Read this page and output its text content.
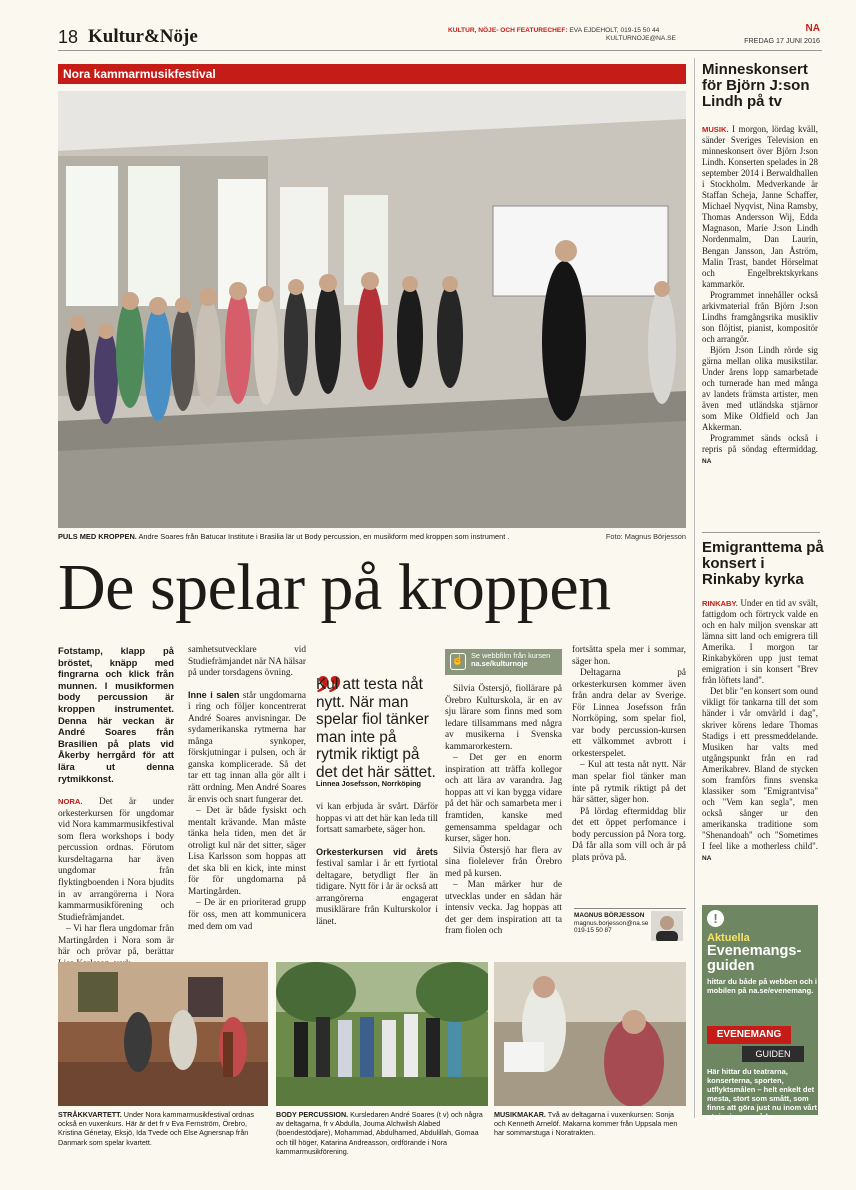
18 Kultur&Nöje	KULTUR, NÖJE- OCH FEATURECHEF: EVA EJDEHOLT, 019-15 50 44
KULTURNOJE@NA.SE
NA
FREDAG 17 JUNI 2016
Nora kammarmusikfestival
PULS MED KROPPEN. Andre Soares från Batucar Institute i Brasilia lär ut Body percussion, en musikform med kroppen som instrument .	Foto: Magnus Börjesson
De spelar på kroppen

Fotstamp, klapp på bröstet, knäpp med fingrarna och klick från munnen. I musikformen body percussion är kroppen instrumentet. Denna här veckan är André Soares från Brasilien på plats vid Åkerby herrgård för att lära ut denna rytmikkonst.

NORA. Det är under orkesterkursen för ungdomar vid Nora kammarmusikfestival som flera workshops i body percussion ordnas. Förutom kursdeltagarna har även ungdomar från flyktingboenden i Nora bjudits in av arrangörerna i Nora kammarmusikförening och Studiefrämjandet.

– Vi har flera ungdomar från Martingården i Nora som är här och prövar på, berättar

samhetsutvecklare vid Studiefrämjandet när NA hälsar på under torsdagens övning.

Inne i salen står ungdomarna i ring och följer koncentrerat André Soares anvisningar. De sydamerikanska rytmerna har många synkoper, förskjutningar i pulsen, och är ganska komplicerade. Så det tar ett tag innan alla gör allt i rätt ordning. Men André Soares är envis och snart fungerar det.

– Det är både fysiskt och mentalt krävande. Man måste tänka hela tiden, men det är otroligt kul när det sitter, säger Lisa Karlsson som hoppas att det ska bli en kick, inte minst för för ungdomarna på Martingården.

– De är en prioriterad grupp för oss, men att kommunicera med dem om vad

„
Kul att testa nåt nytt. När man spelar fiol tänker man inte på rytmik riktigt på det det här sättet.
Linnea Josefsson, Norrköping

vi kan erbjuda är svårt. Därför hoppas vi att det här kan leda till fortsatt samarbete, säger hon.

Orkesterkursen vid årets festival samlar i år ett fyrtiotal deltagare, betydligt fler än tidigare. Nytt för i år är också att arrangörerna engagerat musiklärare från Kulturskolor i länet.

☝ Se webbfilm från kursen
na.se/kulturnoje

Silvia Östersjö, fiollärare på Örebro Kulturskola, är en av sju lärare som finns med som ledare tillsammans med några av musikerna i Svenska kammarorkestern.

– Det ger en enorm inspiration att träffa kollegor och att lära av varandra. Jag hoppas att vi kan bygga vidare på det här och samarbeta mer i framtiden, kanske med gemensamma speldagar och kurser, säger hon.

Silvia Östersjö har flera av sina fiolelever från Örebro med på kursen.

– Man märker hur de utvecklas under en sådan här intensiv vecka. Jag hoppas att det ger dem inspiration att ta fram fiolen och

fortsätta spela mer i sommar, säger hon.

Deltagarna på orkesterkursen kommer även från andra delar av Sverige. För Linnea Josefsson från Norrköping, som spelar fiol, var body percussion-kursen ett välkommet avbrott i orkesterspelet.

– Kul att testa nåt nytt. När man spelar fiol tänker man inte på rytmik riktigt på det här sätter, säger hon.

På lördag eftermiddag blir det ett öppet perfomance i body percussion på Nora torg. Då får alla som vill och är på plats pröva på.

MAGNUS BÖRJESSON
magnus.borjesson@na.se
019-15 50 87
STRÅKKVARTETT. Under Nora kammarmusikfestival ordnas också en vuxenkurs. Här är det fr v Eva Fernström, Örebro, Kristina Génetay, Eksjö, Ida Tvede och Else Agnersnap från Danmark som spelar kvartett.
BODY PERCUSSION. Kursledaren André Soares (t v) och några av deltagarna, fr v Abdulla, Jouma Alchwilsh Alabed (boendestödjare), Mohammad, Abdulhamed, Abdulillah, Gomaa och till höger, Katarina Andreasson, ordförande i Nora kammarmusikförening.
MUSIKMAKAR. Två av deltagarna i vuxenkursen: Sonja och Kenneth Arnelöf. Makarna kommer från Uppsala men har sommarstuga i Noratrakten.
Minneskonsert för Björn J:son Lindh på tv

MUSIK. I morgon, lördag kväll, sänder Sveriges Television en minneskonsert över Björn J:son Lindh. Konserten spelades in 28 september 2014 i Berwaldhallen i Stockholm. Medverkande är Staffan Scheja, Janne Schaffer, Michael Nyqvist, Nina Ramsby, Thomas Andersson Wij, Edda Magnason, Marie J:son Lindh Nordenmalm, Dan Laurin, Bengan Jansson, Jan Åström, Malin Trast, bandet Hörselmat och Engelbrektskyrkans kammarkör.

Programmet innehåller också arkivmaterial från Björn J:son Lindhs framgångsrika musikliv son flöjtist, pianist, kompositör och arrangör.

Björn J:son Lindh rörde sig gärna mellan olika musikstilar. Under årens lopp samarbetade och turnerade han med många av landets främsta artister, men även med utländska stjärnor som Mike Oldfield och Jan Akkerman.

Programmet sänds också i repris på söndag eftermiddag. NA

Emigranttema på konsert i Rinkaby kyrka

RINKABY. Under en tid av svält, fattigdom och förtryck valde en och en halv miljon svenskar att lämna sitt land och emigrera till Amerika. I morgon tar Rinkabykören upp just temat emigration i sin konsert "Brev från löftets land".

Det blir "en konsert som ound vikligt för tankarna till det som händer i vår omvärld i dag", skriver körens ledare Thomas Stadigs i ett pressmeddelande. Musiken har valts med utgångspunkt från en rad Amerikabrev. Bland de stycken som framförs finns svenska klassiker som "Emigrantvisa" och "Vem kan segla", men också sånger ur den amerikanska traditione som "Shenandoah" och "Sometimes I feel like a motherless child". NA

!
Aktuella
Evenemangs-guiden
hittar du både på webben och i mobilen på na.se/evenemang.
EVENEMANG
GUIDEN
Här hittar du teatrarna, konserterna, sporten, utflyktsmålen – helt enkelt det mesta, stort som smått, som finns att göra just nu inom vårt utgivningsområde.
